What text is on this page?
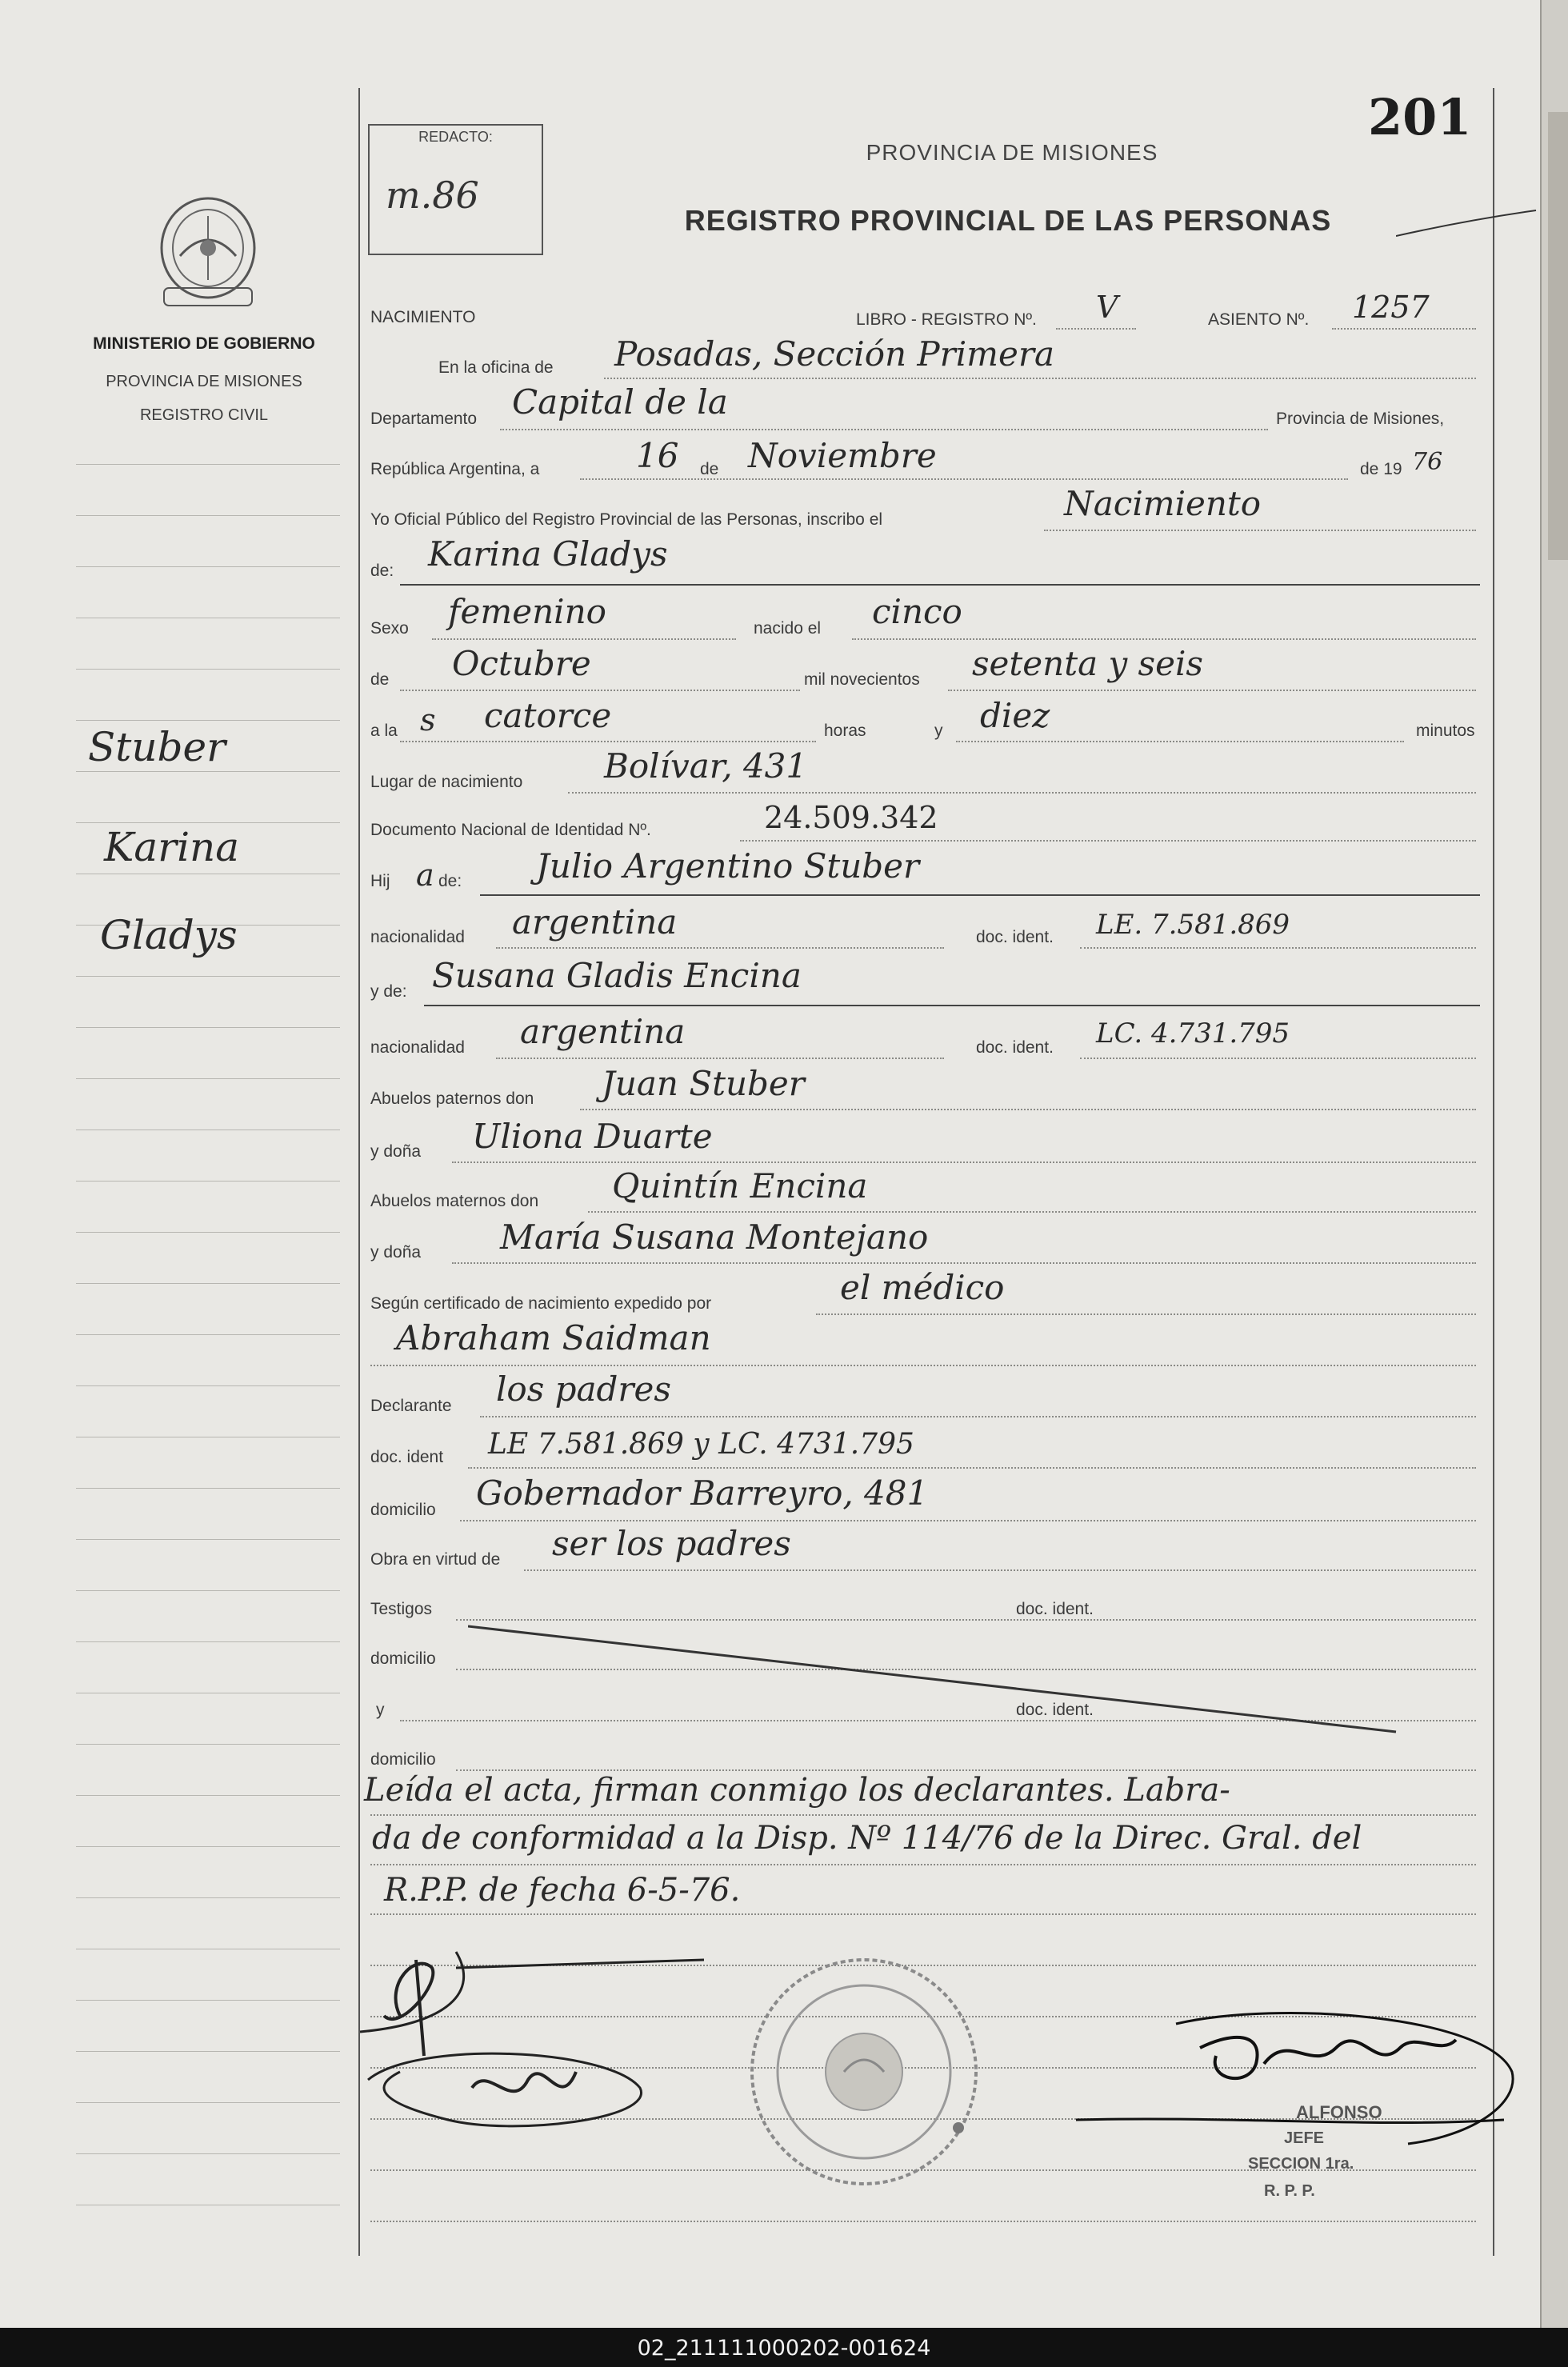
MINISTERIO DE GOBIERNO
PROVINCIA DE MISIONES
REGISTRO CIVIL
Stuber
Karina
Gladys
201
REDACTO:
m.86
PROVINCIA DE MISIONES
REGISTRO PROVINCIAL DE LAS PERSONAS
NACIMIENTO	LIBRO - REGISTRO Nº. V	ASIENTO Nº. 1257
En la oficina de Posadas, Sección Primera
Departamento Capital de la	Provincia de Misiones,
República Argentina, a	16 de Noviembre	de 19 76
Yo Oficial Público del Registro Provincial de las Personas, inscribo el	Nacimiento
de: Karina Gladys
Sexo femenino	nacido el cinco
de Octubre	mil novecientos setenta y seis
a la s catorce	horas	y diez	minutos
Lugar de nacimiento Bolívar, 431
Documento Nacional de Identidad Nº.	24.509.342
Hij a de: Julio Argentino Stuber
nacionalidad argentina	doc. ident. LE. 7.581.869
y de: Susana Gladis Encina
nacionalidad argentina	doc. ident. LC. 4.731.795
Abuelos paternos don Juan Stuber
y doña Uliona Duarte
Abuelos maternos don Quintín Encina
y doña María Susana Montejano
Según certificado de nacimiento expedido por	el médico
Abraham Saidman
Declarante los padres
doc. ident LE 7.581.869 y LC. 4731.795
domicilio Gobernador Barreyro, 481
Obra en virtud de ser los padres
Testigos	doc. ident.
domicilio
y	doc. ident.
domicilio
Leída el acta, firman conmigo los declarantes. Labra-
da de conformidad a la Disp. Nº 114/76 de la Direc. Gral. del
R.P.P. de fecha 6-5-76.
ALFONSO
JEFE
SECCION 1ra.
R. P. P.
02_211111000202-001624
